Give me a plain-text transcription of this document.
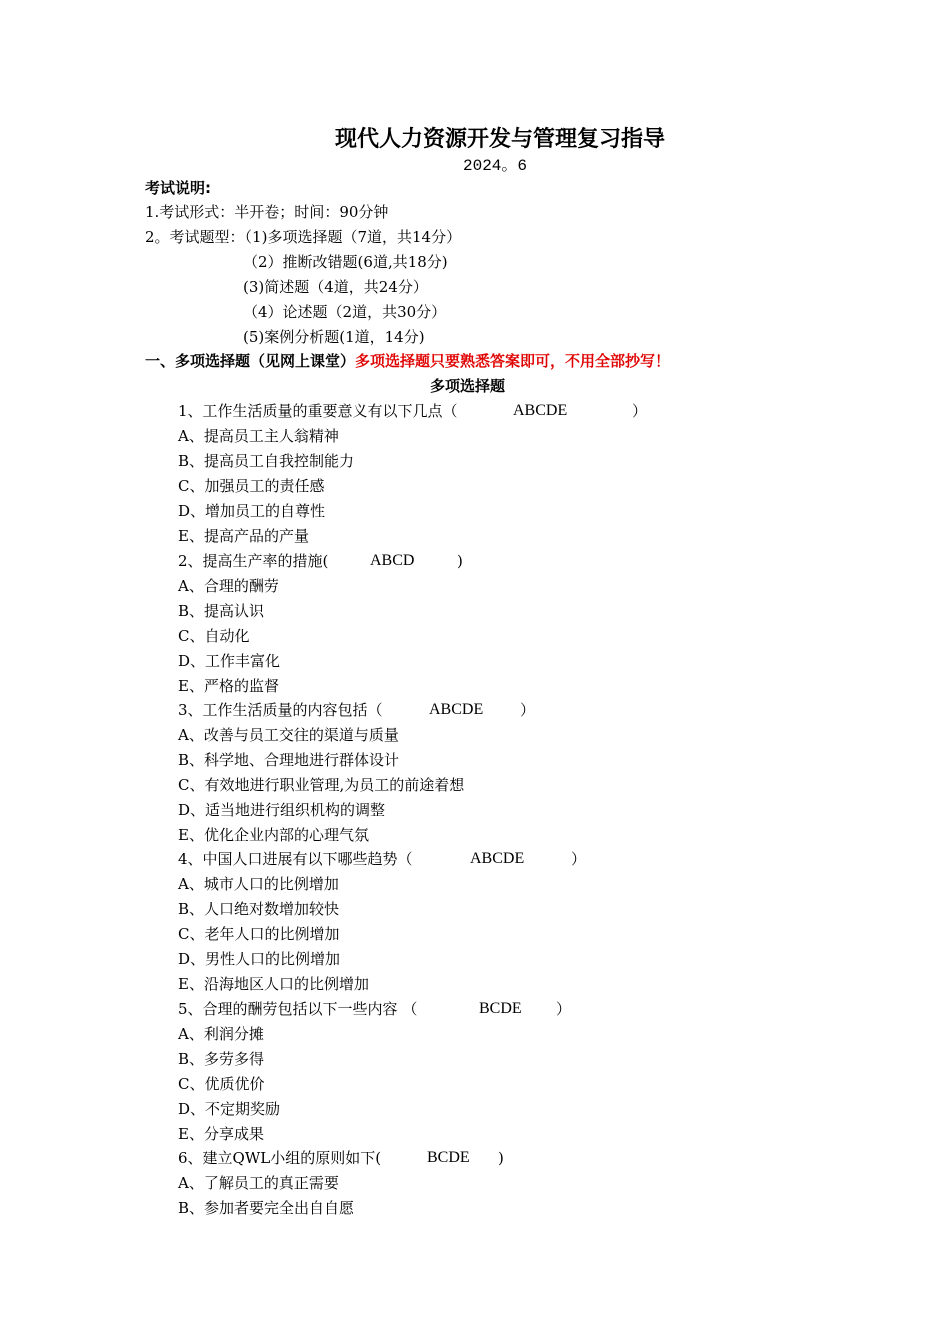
现代人力资源开发与管理复习指导
2024。6
考试说明:
1.考试形式：半开卷；时间：90分钟
2。考试题型：（1)多项选择题（7道，共14分）
（2）推断改错题(6道,共18分)
(3)简述题（4道，共24分）
（4）论述题（2道，共30分）
(5)案例分析题(1道，14分)
一、多项选择题（见网上课堂）多项选择题只要熟悉答案即可，不用全部抄写！
多项选择题
1、工作生活质量的重要意义有以下几点（	ABCDE	）
A、提高员工主人翁精神
B、提高员工自我控制能力
C、加强员工的责任感
D、增加员工的自尊性
E、提高产品的产量
2、提高生产率的措施(	ABCD	)
A、合理的酬劳
B、提高认识
C、自动化
D、工作丰富化
E、严格的监督
3、工作生活质量的内容包括（	ABCDE ）
A、改善与员工交往的渠道与质量
B、科学地、合理地进行群体设计
C、有效地进行职业管理,为员工的前途着想
D、适当地进行组织机构的调整
E、优化企业内部的心理气氛
4、中国人口进展有以下哪些趋势（	ABCDE	）
A、城市人口的比例增加
B、人口绝对数增加较快
C、老年人口的比例增加
D、男性人口的比例增加
E、沿海地区人口的比例增加
5、合理的酬劳包括以下一些内容 （	BCDE ）
A、利润分摊
B、多劳多得
C、优质优价
D、不定期奖励
E、分享成果
6、建立QWL小组的原则如下(	BCDE )
A、了解员工的真正需要
B、参加者要完全出自自愿
